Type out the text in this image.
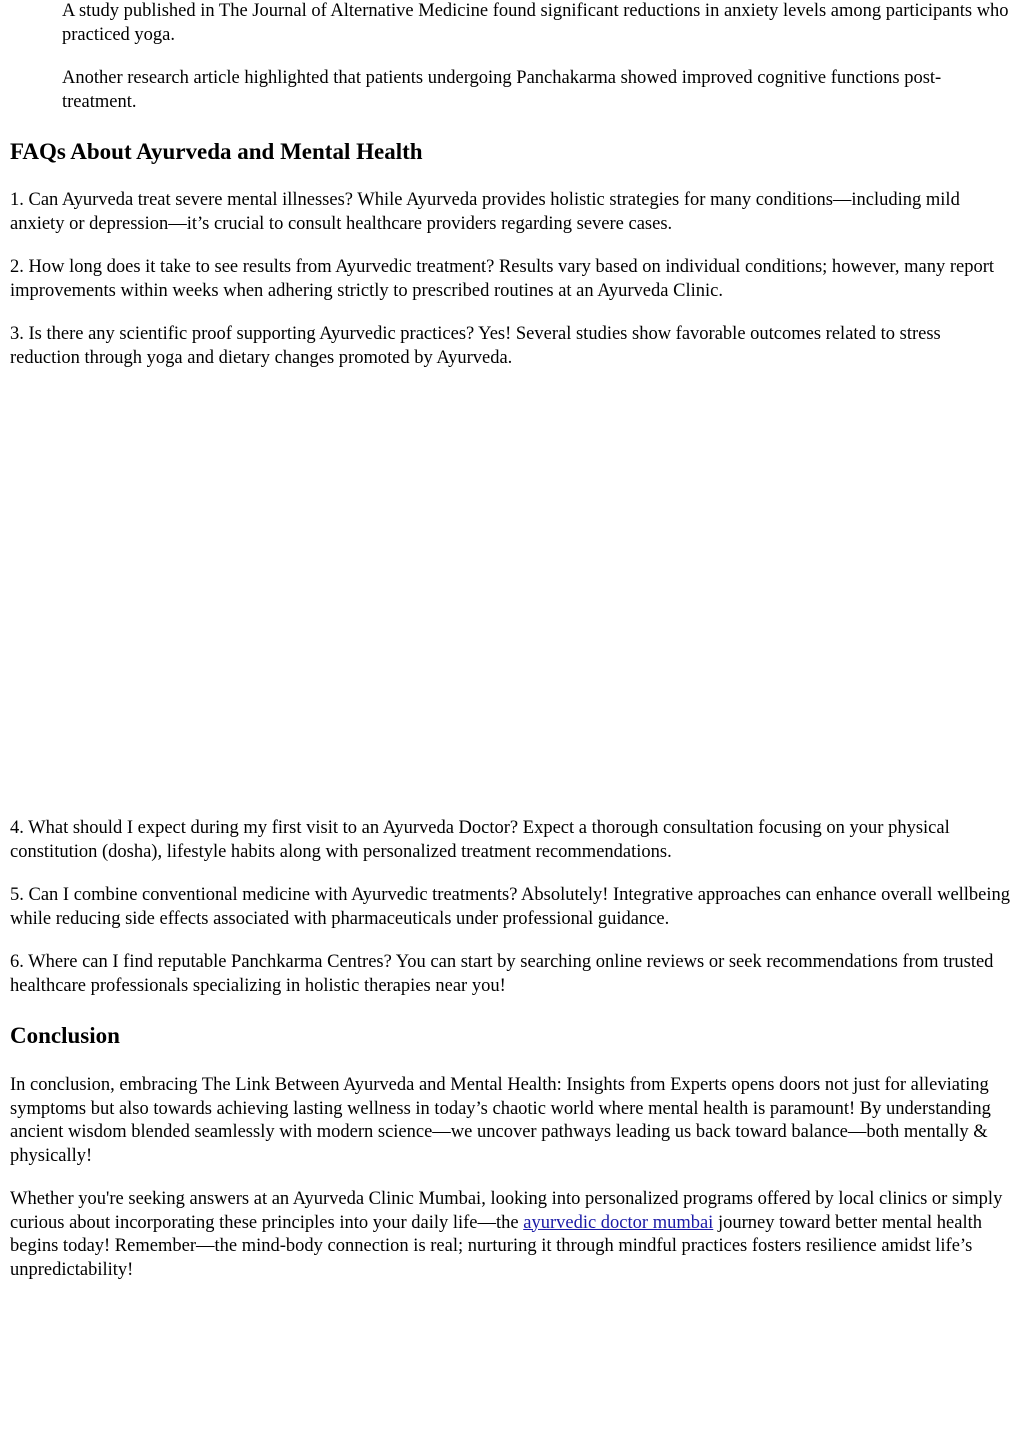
A study published in The Journal of Alternative Medicine found significant reductions in anxiety levels among participants who practiced yoga.

Another research article highlighted that patients undergoing Panchakarma showed improved cognitive functions post-treatment.

FAQs About Ayurveda and Mental Health

1. Can Ayurveda treat severe mental illnesses? While Ayurveda provides holistic strategies for many conditions—including mild anxiety or depression—it’s crucial to consult healthcare providers regarding severe cases.

2. How long does it take to see results from Ayurvedic treatment? Results vary based on individual conditions; however, many report improvements within weeks when adhering strictly to prescribed routines at an Ayurveda Clinic.

3. Is there any scientific proof supporting Ayurvedic practices? Yes! Several studies show favorable outcomes related to stress reduction through yoga and dietary changes promoted by Ayurveda.

4. What should I expect during my first visit to an Ayurveda Doctor? Expect a thorough consultation focusing on your physical constitution (dosha), lifestyle habits along with personalized treatment recommendations.

5. Can I combine conventional medicine with Ayurvedic treatments? Absolutely! Integrative approaches can enhance overall wellbeing while reducing side effects associated with pharmaceuticals under professional guidance.

6. Where can I find reputable Panchkarma Centres? You can start by searching online reviews or seek recommendations from trusted healthcare professionals specializing in holistic therapies near you!

Conclusion

In conclusion, embracing The Link Between Ayurveda and Mental Health: Insights from Experts opens doors not just for alleviating symptoms but also towards achieving lasting wellness in today’s chaotic world where mental health is paramount! By understanding ancient wisdom blended seamlessly with modern science—we uncover pathways leading us back toward balance—both mentally & physically!

Whether you're seeking answers at an Ayurveda Clinic Mumbai, looking into personalized programs offered by local clinics or simply curious about incorporating these principles into your daily life—the ayurvedic doctor mumbai journey toward better mental health begins today! Remember—the mind-body connection is real; nurturing it through mindful practices fosters resilience amidst life’s unpredictability!
